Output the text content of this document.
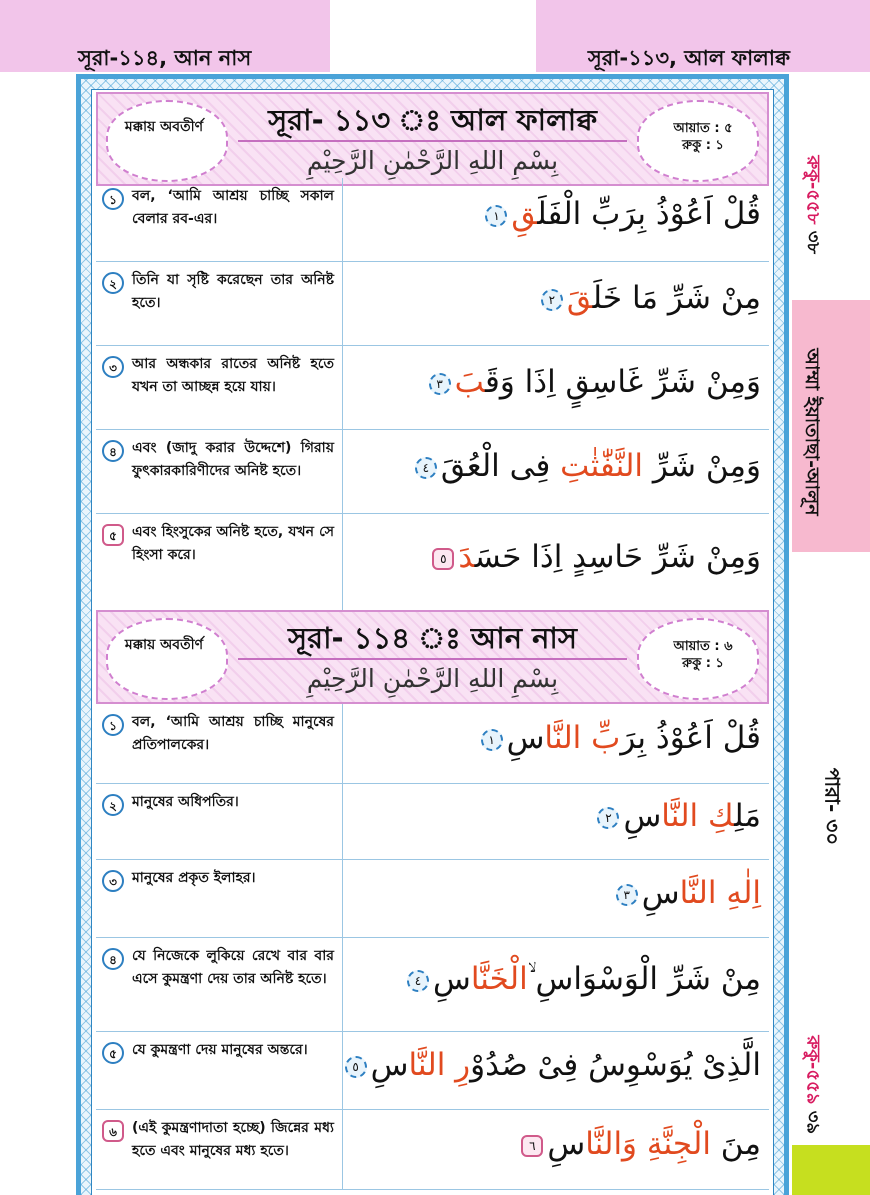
সূরা-১১৪, আন নাস	সূরা-১১৩, আল ফালাক্ব
রুকু-৫৫৮ ৩৮
আম্মা ইয়াতাছা-আলূন
পারা- ৩০
রুকু-৫৫৯ ৩৯
সূরা- ১১৩ ঃ আল ফালাক্ব
بِسْمِ اللهِ الرَّحْمٰنِ الرَّحِيْمِ
মক্কায় অবতীর্ণ	আয়াত : ৫
রুকু : ১
১	বল, ‘আমি আশ্রয় চাচ্ছি সকাল বেলার রব-এর।	قُلْ اَعُوْذُ بِرَبِّ الْفَلَقِ١
২	তিনি যা সৃষ্টি করেছেন তার অনিষ্ট হতে।	مِنْ شَرِّ مَا خَلَقَ٢
৩	আর অন্ধকার রাতের অনিষ্ট হতে যখন তা আচ্ছন্ন হয়ে যায়।	وَمِنْ شَرِّ غَاسِقٍ اِذَا وَقَبَ٣
৪	এবং (জাদু করার উদ্দেশে) গিরায় ফুৎকারকারিণীদের অনিষ্ট হতে।	وَمِنْ شَرِّ النَّفّٰثٰتِ فِى الْعُقَ٤
৫	এবং হিংসুকের অনিষ্ট হতে, যখন সে হিংসা করে।	وَمِنْ شَرِّ حَاسِدٍ اِذَا حَسَدَ٥
সূরা- ১১৪ ঃ আন নাস
بِسْمِ اللهِ الرَّحْمٰنِ الرَّحِيْمِ
মক্কায় অবতীর্ণ	আয়াত : ৬
রুকু : ১
১	বল, ‘আমি আশ্রয় চাচ্ছি মানুষের প্রতিপালকের।	قُلْ اَعُوْذُ بِرَبِّ النَّاسِ١
২	মানুষের অধিপতির।	مَلِكِ النَّاسِ٢
৩	মানুষের প্রকৃত ইলাহর।	اِلٰهِ النَّاسِ٣
৪	যে নিজেকে লুকিয়ে রেখে বার বার এসে কুমন্ত্রণা দেয় তার অনিষ্ট হতে।	مِنْ شَرِّ الْوَسْوَاسِ ۙالْخَنَّاسِ٤
৫	যে কুমন্ত্রণা দেয় মানুষের অন্তরে।	الَّذِىْ يُوَسْوِسُ فِىْ صُدُوْرِ النَّاسِ٥
৬	(এই কুমন্ত্রণাদাতা হচ্ছে) জিন্নের মধ্য হতে এবং মানুষের মধ্য হতে।	مِنَ الْجِنَّةِ وَالنَّاسِ٦
